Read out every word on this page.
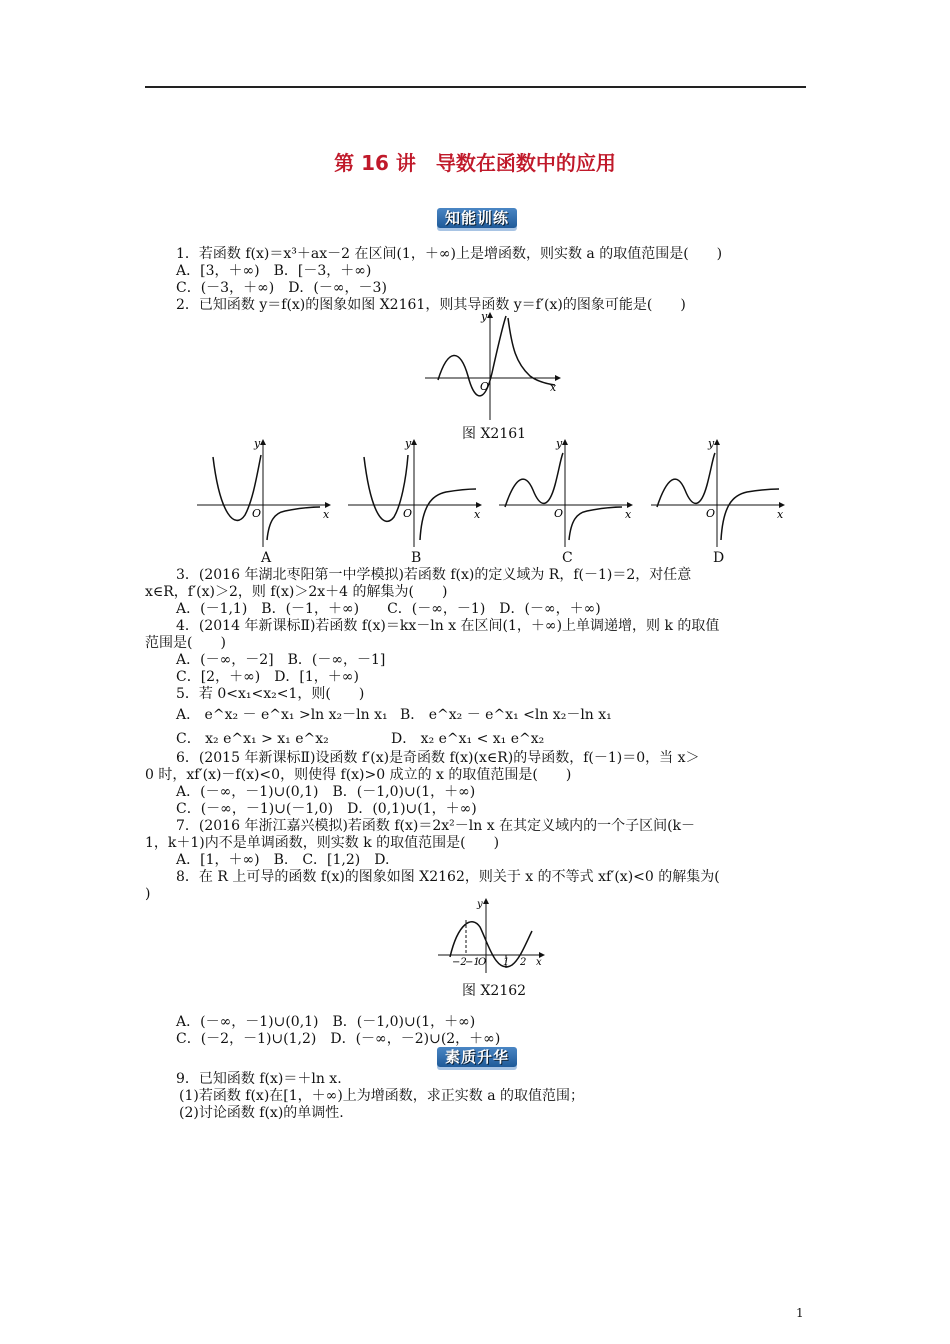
第 16 讲　导数在函数中的应用
知能训练
1．若函数 f(x)＝x³＋ax－2 在区间(1，＋∞)上是增函数，则实数 a 的取值范围是(　　)
A．[3，＋∞)　B．[－3，＋∞)
C．(－3，＋∞)　D．(－∞，－3)
2．已知函数 y＝f(x)的图象如图 X2161，则其导函数 y＝f′(x)的图象可能是(　　)
O	x
y
图 X2161
O	x
y
A
O	x
y
B
O	x
y
C
O	x
y
D
3．(2016 年湖北枣阳第一中学模拟)若函数 f(x)的定义域为 R，f(－1)＝2，对任意
x∈R，f′(x)＞2，则 f(x)＞2x＋4 的解集为(　　)
A．(－1,1)　B．(－1，＋∞)　　C．(－∞，－1)　D．(－∞，＋∞)
4．(2014 年新课标Ⅱ)若函数 f(x)＝kx－ln x 在区间(1，＋∞)上单调递增，则 k 的取值
范围是(　　)
A．(－∞，－2]　B．(－∞，－1]
C．[2，＋∞)　D．[1，＋∞)
5．若 0<x₁<x₂<1，则(　　)
A． e^x₂ － e^x₁ >ln x₂－ln x₁ B． e^x₂ － e^x₁ <ln x₂－ln x₁
C． x₂ e^x₁ > x₁ e^x₂	D． x₂ e^x₁ < x₁ e^x₂
6．(2015 年新课标Ⅱ)设函数 f′(x)是奇函数 f(x)(x∈R)的导函数，f(－1)＝0，当 x＞
0 时，xf′(x)－f(x)<0，则使得 f(x)>0 成立的 x 的取值范围是(　　)
A．(－∞，－1)∪(0,1)　B．(－1,0)∪(1，＋∞)
C．(－∞，－1)∪(－1,0)　D．(0,1)∪(1，＋∞)
7．(2016 年浙江嘉兴模拟)若函数 f(x)＝2x²－ln x 在其定义域内的一个子区间(k－
1，k＋1)内不是单调函数，则实数 k 的取值范围是(　　)
A．[1，＋∞)　B.　C．[1,2)　D.
8．在 R 上可导的函数 f(x)的图象如图 X2162，则关于 x 的不等式 xf′(x)<0 的解集为(
)
−2
−1
O 1 2 x
y
图 X2162
A．(－∞，－1)∪(0,1)　B．(－1,0)∪(1，＋∞)
C．(－2，－1)∪(1,2)　D．(－∞，－2)∪(2，＋∞)
素质升华
9．已知函数 f(x)＝＋ln x.
(1)若函数 f(x)在[1，＋∞)上为增函数，求正实数 a 的取值范围；
(2)讨论函数 f(x)的单调性.
1
